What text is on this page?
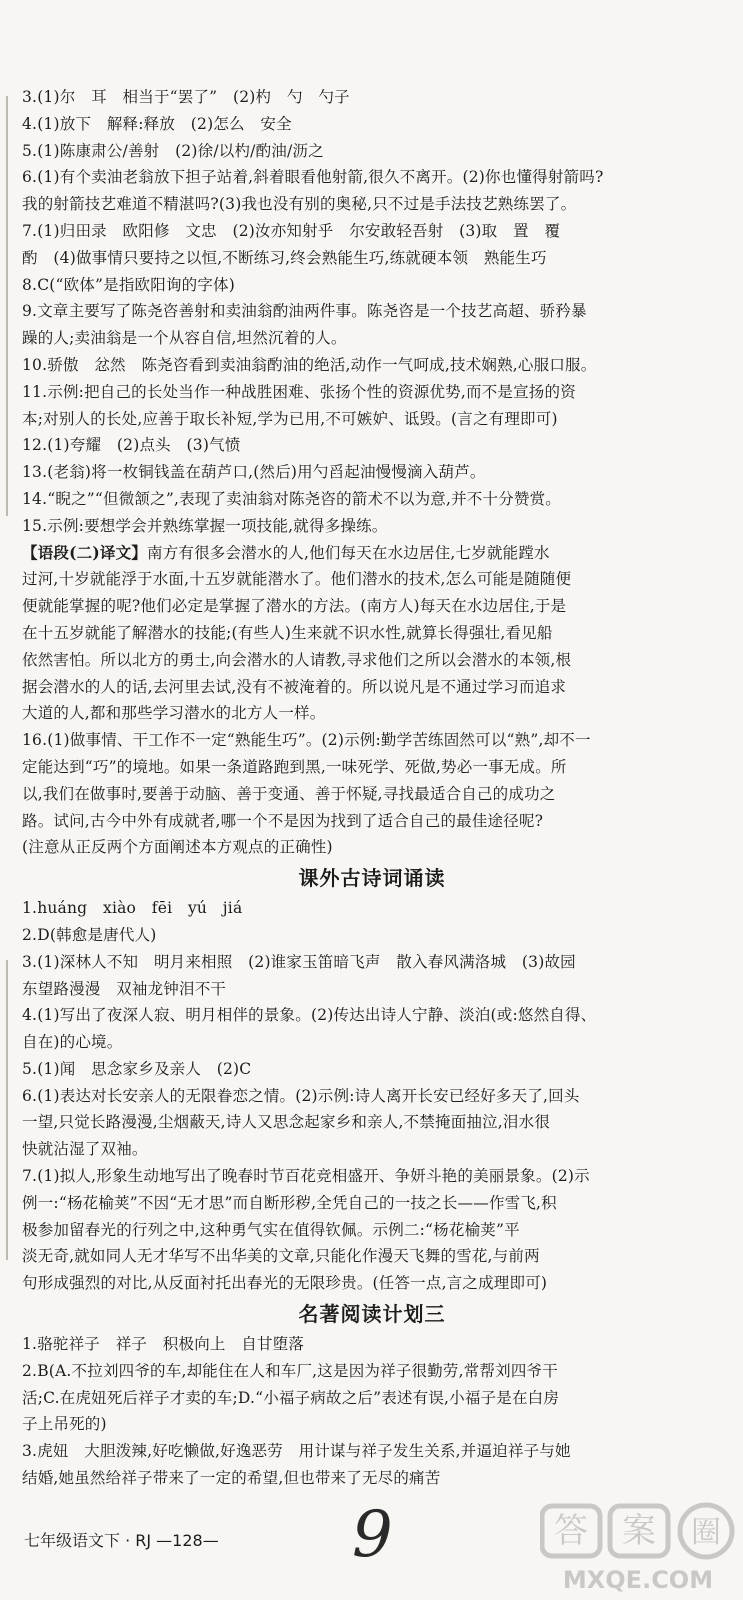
3.(1)尔　耳　相当于“罢了”　(2)杓　勺　勺子
4.(1)放下　解释:释放　(2)怎么　安全
5.(1)陈康肃公/善射　(2)徐/以杓/酌油/沥之
6.(1)有个卖油老翁放下担子站着,斜着眼看他射箭,很久不离开。(2)你也懂得射箭吗?
我的射箭技艺难道不精湛吗?(3)我也没有别的奥秘,只不过是手法技艺熟练罢了。
7.(1)归田录　欧阳修　文忠　(2)汝亦知射乎　尔安敢轻吾射　(3)取　置　覆
酌　(4)做事情只要持之以恒,不断练习,终会熟能生巧,练就硬本领　熟能生巧
8.C(“欧体”是指欧阳询的字体)
9.文章主要写了陈尧咨善射和卖油翁酌油两件事。陈尧咨是一个技艺高超、骄矜暴
躁的人;卖油翁是一个从容自信,坦然沉着的人。
10.骄傲　忿然　陈尧咨看到卖油翁酌油的绝活,动作一气呵成,技术娴熟,心服口服。
11.示例:把自己的长处当作一种战胜困难、张扬个性的资源优势,而不是宣扬的资
本;对别人的长处,应善于取长补短,学为已用,不可嫉妒、诋毁。(言之有理即可)
12.(1)夸耀　(2)点头　(3)气愤
13.(老翁)将一枚铜钱盖在葫芦口,(然后)用勺舀起油慢慢滴入葫芦。
14.“睨之”“但微颔之”,表现了卖油翁对陈尧咨的箭术不以为意,并不十分赞赏。
15.示例:要想学会并熟练掌握一项技能,就得多操练。
【语段(二)译文】南方有很多会潜水的人,他们每天在水边居住,七岁就能蹚水
过河,十岁就能浮于水面,十五岁就能潜水了。他们潜水的技术,怎么可能是随随便
便就能掌握的呢?他们必定是掌握了潜水的方法。(南方人)每天在水边居住,于是
在十五岁就能了解潜水的技能;(有些人)生来就不识水性,就算长得强壮,看见船
依然害怕。所以北方的勇士,向会潜水的人请教,寻求他们之所以会潜水的本领,根
据会潜水的人的话,去河里去试,没有不被淹着的。所以说凡是不通过学习而追求
大道的人,都和那些学习潜水的北方人一样。
16.(1)做事情、干工作不一定“熟能生巧”。(2)示例:勤学苦练固然可以“熟”,却不一
定能达到“巧”的境地。如果一条道路跑到黑,一味死学、死做,势必一事无成。所
以,我们在做事时,要善于动脑、善于变通、善于怀疑,寻找最适合自己的成功之
路。试问,古今中外有成就者,哪一个不是因为找到了适合自己的最佳途径呢?
(注意从正反两个方面阐述本方观点的正确性)
课外古诗词诵读
1.huáng　xiào　fēi　yú　jiá
2.D(韩愈是唐代人)
3.(1)深林人不知　明月来相照　(2)谁家玉笛暗飞声　散入春风满洛城　(3)故园
东望路漫漫　双袖龙钟泪不干
4.(1)写出了夜深人寂、明月相伴的景象。(2)传达出诗人宁静、淡泊(或:悠然自得、
自在)的心境。
5.(1)闻　思念家乡及亲人　(2)C
6.(1)表达对长安亲人的无限眷恋之情。(2)示例:诗人离开长安已经好多天了,回头
一望,只觉长路漫漫,尘烟蔽天,诗人又思念起家乡和亲人,不禁掩面抽泣,泪水很
快就沾湿了双袖。
7.(1)拟人,形象生动地写出了晚春时节百花竞相盛开、争妍斗艳的美丽景象。(2)示
例一:“杨花榆荚”不因“无才思”而自断形秽,全凭自己的一技之长——作雪飞,积
极参加留春光的行列之中,这种勇气实在值得钦佩。示例二:“杨花榆荚”平
淡无奇,就如同人无才华写不出华美的文章,只能化作漫天飞舞的雪花,与前两
句形成强烈的对比,从反面衬托出春光的无限珍贵。(任答一点,言之成理即可)
名著阅读计划三
1.骆驼祥子　祥子　积极向上　自甘堕落
2.B(A.不拉刘四爷的车,却能住在人和车厂,这是因为祥子很勤劳,常帮刘四爷干
活;C.在虎妞死后祥子才卖的车;D.“小福子病故之后”表述有误,小福子是在白房
子上吊死的)
3.虎妞　大胆泼辣,好吃懒做,好逸恶劳　用计谋与祥子发生关系,并逼迫祥子与她
结婚,她虽然给祥子带来了一定的希望,但也带来了无尽的痛苦
七年级语文下 · RJ —128— 9	答 案 圈
MXQE.COM
